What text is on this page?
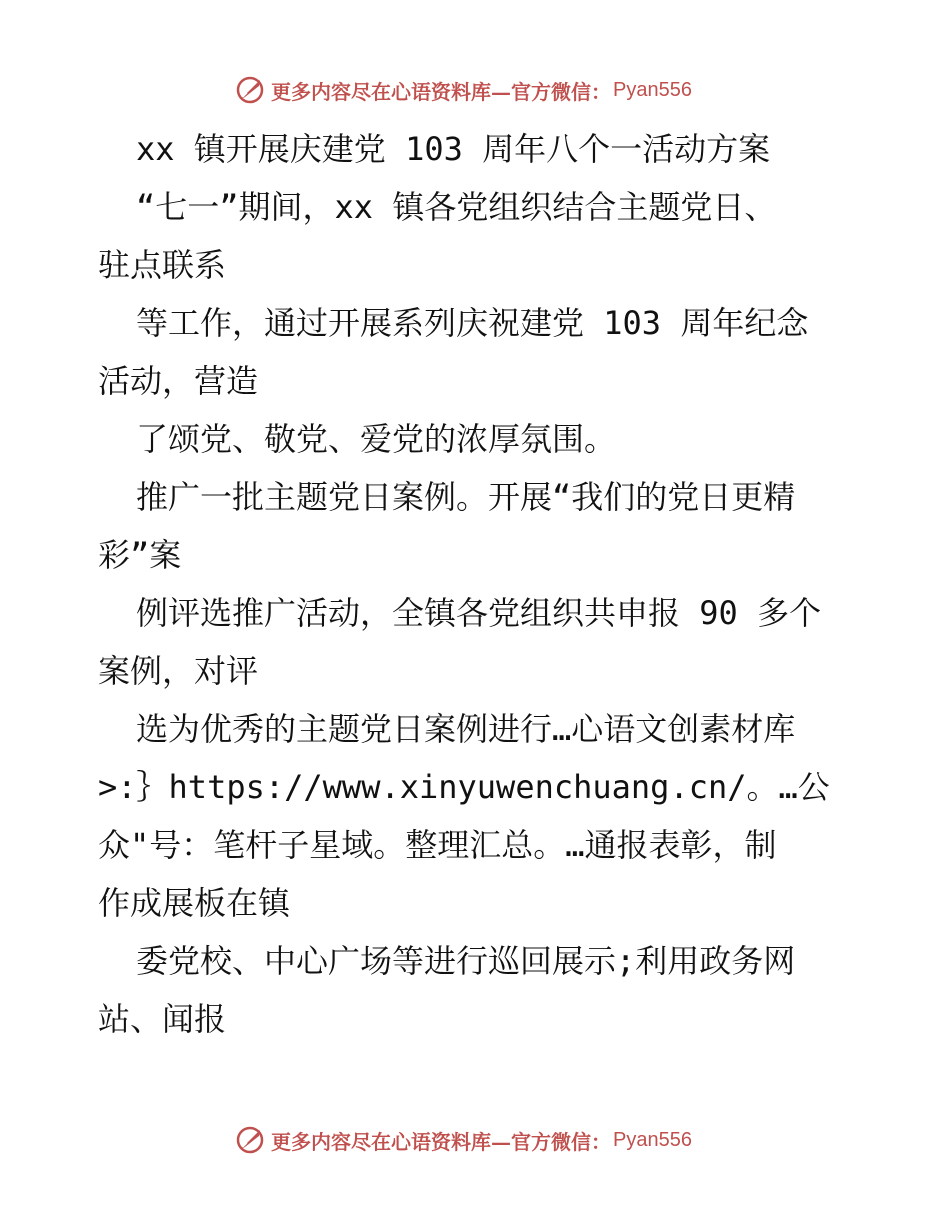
更多内容尽在心语资料库—官方微信： Pyan556
xx 镇开展庆建党 103 周年八个一活动方案
“七一”期间，xx 镇各党组织结合主题党日、
驻点联系
等工作，通过开展系列庆祝建党 103 周年纪念
活动，营造
了颂党、敬党、爱党的浓厚氛围。
推广一批主题党日案例。开展“我们的党日更精
彩”案
例评选推广活动，全镇各党组织共申报 90 多个
案例，对评
选为优秀的主题党日案例进行…心语文创素材库
>:｝https://www.xinyuwenchuang.cn/。…公
众"号：笔杆子星域。整理汇总。…通报表彰，制
作成展板在镇
委党校、中心广场等进行巡回展示;利用政务网
站、闻报
更多内容尽在心语资料库—官方微信： Pyan556
